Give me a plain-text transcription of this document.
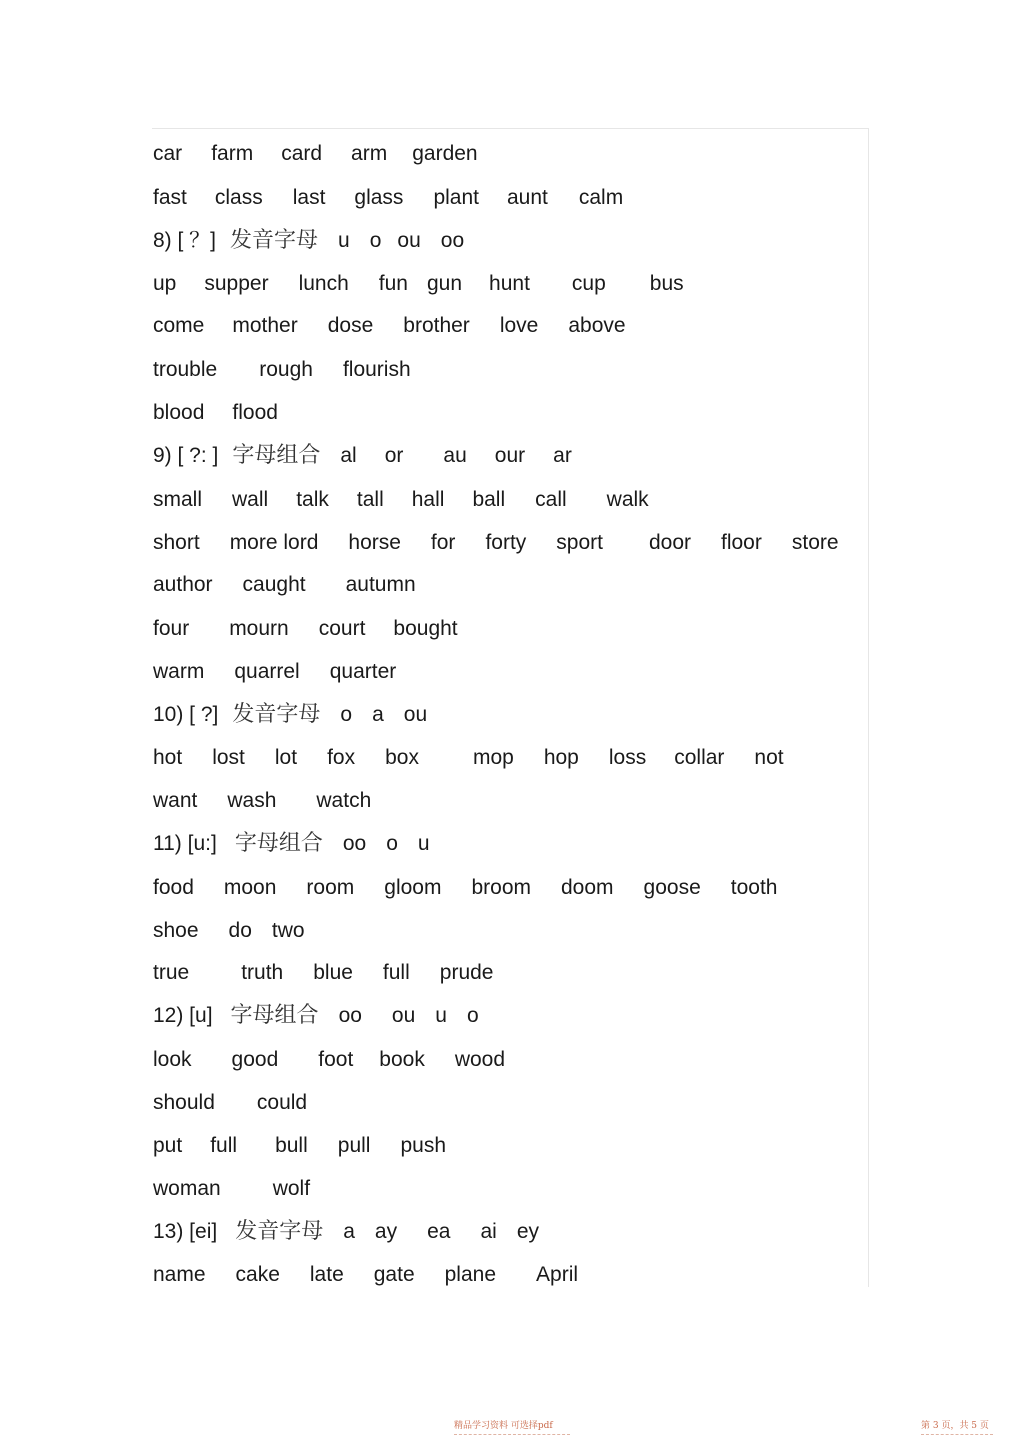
car farm card arm garden
fast class last glass plant aunt calm
8) [ ？] 发音字母 u o ou oo
up supper lunch fun gun hunt cup bus
come mother dose brother love above
trouble rough flourish
blood flood
9) [ ?: ] 字母组合 al or au our ar
small wall talk tall hall ball call walk
short more lord horse for forty sport door floor store
author caught autumn
four mourn court bought
warm quarrel quarter
10) [ ?] 发音字母 o a ou
hot lost lot fox box	mop hop loss collar not
want wash watch
11) [u:] 字母组合 oo o u
food moon room gloom broom doom goose tooth
shoe do two
true truth blue full prude
12) [u] 字母组合 oo ou u o
look good foot book wood
should could
put full bull pull push
woman wolf
13) [ei] 发音字母 a ay ea ai ey
name cake late gate plane April
精品学习资料 可选择pdf	第 3 页，共 5 页
